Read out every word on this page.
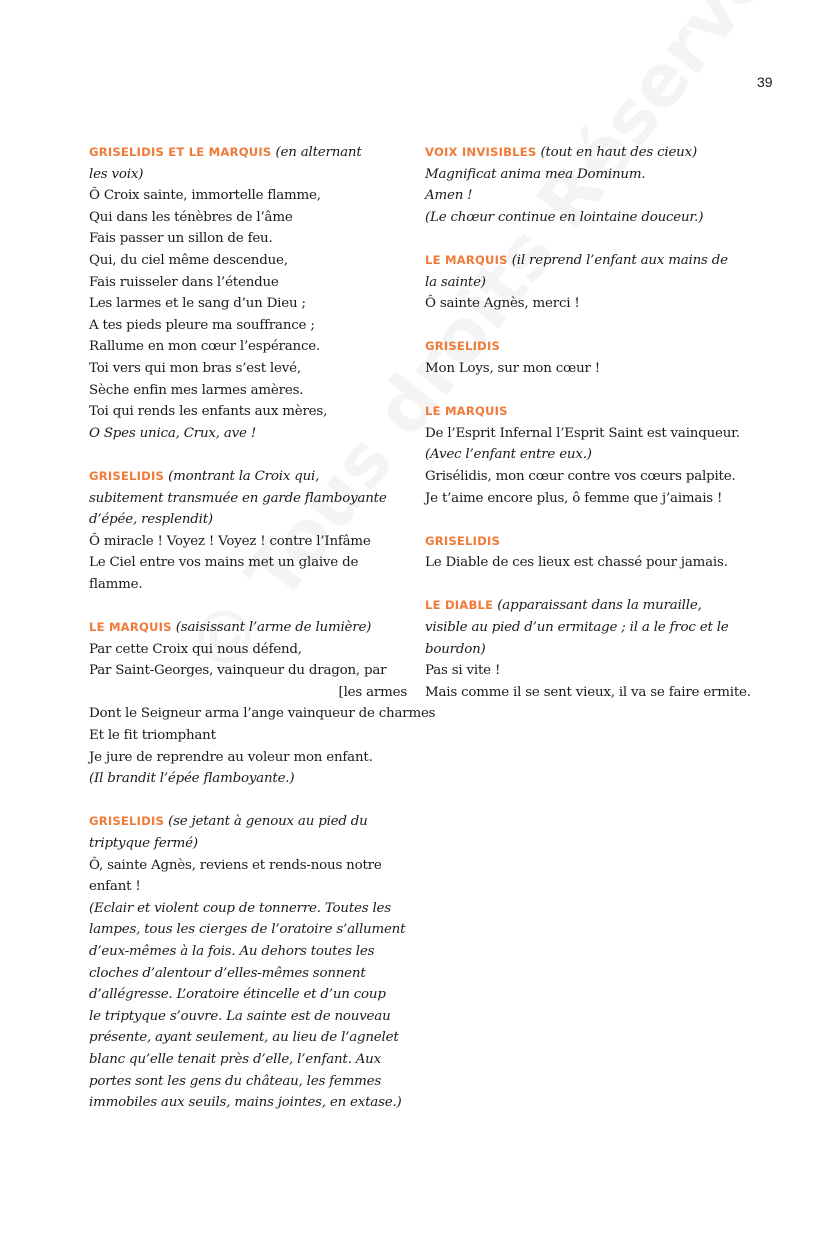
39
GRISELIDIS ET LE MARQUIS (en alternant
les voix)
Ô Croix sainte, immortelle flamme,
Qui dans les ténèbres de l’âme
Fais passer un sillon de feu.
Qui, du ciel même descendue,
Fais ruisseler dans l’étendue
Les larmes et le sang d’un Dieu ;
A tes pieds pleure ma souffrance ;
Rallume en mon cœur l’espérance.
Toi vers qui mon bras s’est levé,
Sèche enfin mes larmes amères.
Toi qui rends les enfants aux mères,
O Spes unica, Crux, ave !
GRISELIDIS (montrant la Croix qui,
subitement transmuée en garde flamboyante
d’épée, resplendit)
Ô miracle ! Voyez ! Voyez ! contre l’Infâme
Le Ciel entre vos mains met un glaive de
flamme.
LE MARQUIS (saisissant l’arme de lumière)
Par cette Croix qui nous défend,
Par Saint-Georges, vainqueur du dragon, par
[les armes
Dont le Seigneur arma l’ange vainqueur de charmes
Et le fit triomphant
Je jure de reprendre au voleur mon enfant.
(Il brandit l’épée flamboyante.)
GRISELIDIS (se jetant à genoux au pied du
triptyque fermé)
Ô, sainte Agnès, reviens et rends-nous notre
enfant !
(Eclair et violent coup de tonnerre. Toutes les
lampes, tous les cierges de l’oratoire s’allument
d’eux-mêmes à la fois. Au dehors toutes les
cloches d’alentour d’elles-mêmes sonnent
d’allégresse. L’oratoire étincelle et d’un coup
le triptyque s’ouvre. La sainte est de nouveau
présente, ayant seulement, au lieu de l’agnelet
blanc qu’elle tenait près d’elle, l’enfant. Aux
portes sont les gens du château, les femmes
immobiles aux seuils, mains jointes, en extase.)
VOIX INVISIBLES (tout en haut des cieux)
Magnificat anima mea Dominum.
Amen !
(Le chœur continue en lointaine douceur.)
LE MARQUIS (il reprend l’enfant aux mains de
la sainte)
Ô sainte Agnès, merci !
GRISELIDIS
Mon Loys, sur mon cœur !
LE MARQUIS
De l’Esprit Infernal l’Esprit Saint est vainqueur.
(Avec l’enfant entre eux.)
Grisélidis, mon cœur contre vos cœurs palpite.
Je t’aime encore plus, ô femme que j’aimais !
GRISELIDIS
Le Diable de ces lieux est chassé pour jamais.
LE DIABLE (apparaissant dans la muraille,
visible au pied d’un ermitage ; il a le froc et le
bourdon)
Pas si vite !
Mais comme il se sent vieux, il va se faire ermite.
